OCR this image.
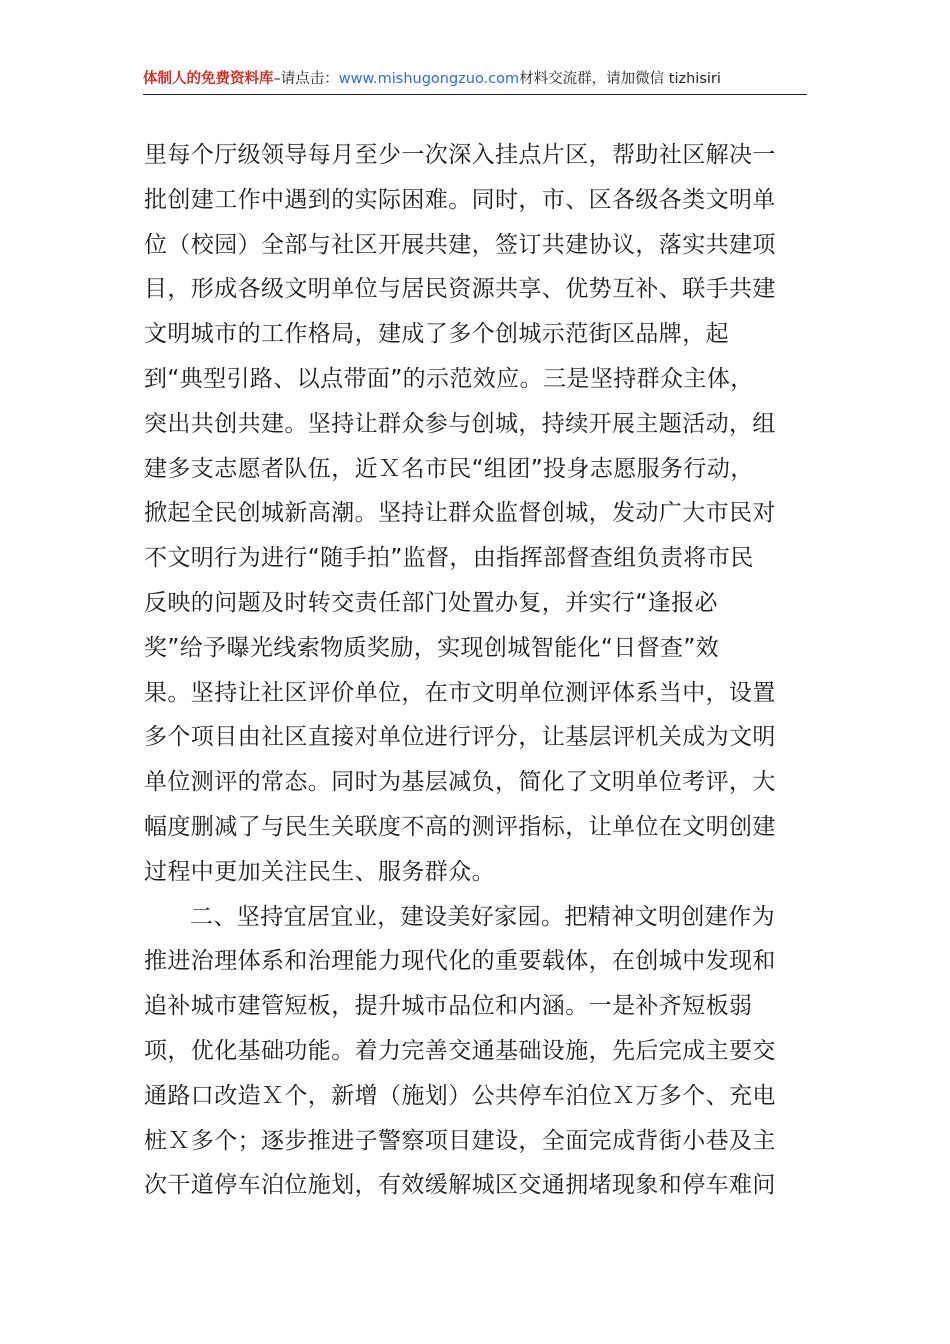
体制人的免费资料库–请点击：www.mishugongzuo.com材料交流群，请加微信 tizhisiri
里每个厅级领导每月至少一次深入挂点片区，帮助社区解决一
批创建工作中遇到的实际困难。同时，市、区各级各类文明单
位（校园）全部与社区开展共建，签订共建协议，落实共建项
目，形成各级文明单位与居民资源共享、优势互补、联手共建
文明城市的工作格局，建成了多个创城示范街区品牌，起
到“典型引路、以点带面”的示范效应。三是坚持群众主体，
突出共创共建。坚持让群众参与创城，持续开展主题活动，组
建多支志愿者队伍，近Ｘ名市民“组团”投身志愿服务行动，
掀起全民创城新高潮。坚持让群众监督创城，发动广大市民对
不文明行为进行“随手拍”监督，由指挥部督查组负责将市民
反映的问题及时转交责任部门处置办复，并实行“逢报必
奖”给予曝光线索物质奖励，实现创城智能化“日督查”效
果。坚持让社区评价单位，在市文明单位测评体系当中，设置
多个项目由社区直接对单位进行评分，让基层评机关成为文明
单位测评的常态。同时为基层减负，简化了文明单位考评，大
幅度删减了与民生关联度不高的测评指标，让单位在文明创建
过程中更加关注民生、服务群众。
二、坚持宜居宜业，建设美好家园。把精神文明创建作为
推进治理体系和治理能力现代化的重要载体，在创城中发现和
追补城市建管短板，提升城市品位和内涵。一是补齐短板弱
项，优化基础功能。着力完善交通基础设施，先后完成主要交
通路口改造Ｘ个，新增（施划）公共停车泊位Ｘ万多个、充电
桩Ｘ多个；逐步推进子警察项目建设，全面完成背街小巷及主
次干道停车泊位施划，有效缓解城区交通拥堵现象和停车难问
